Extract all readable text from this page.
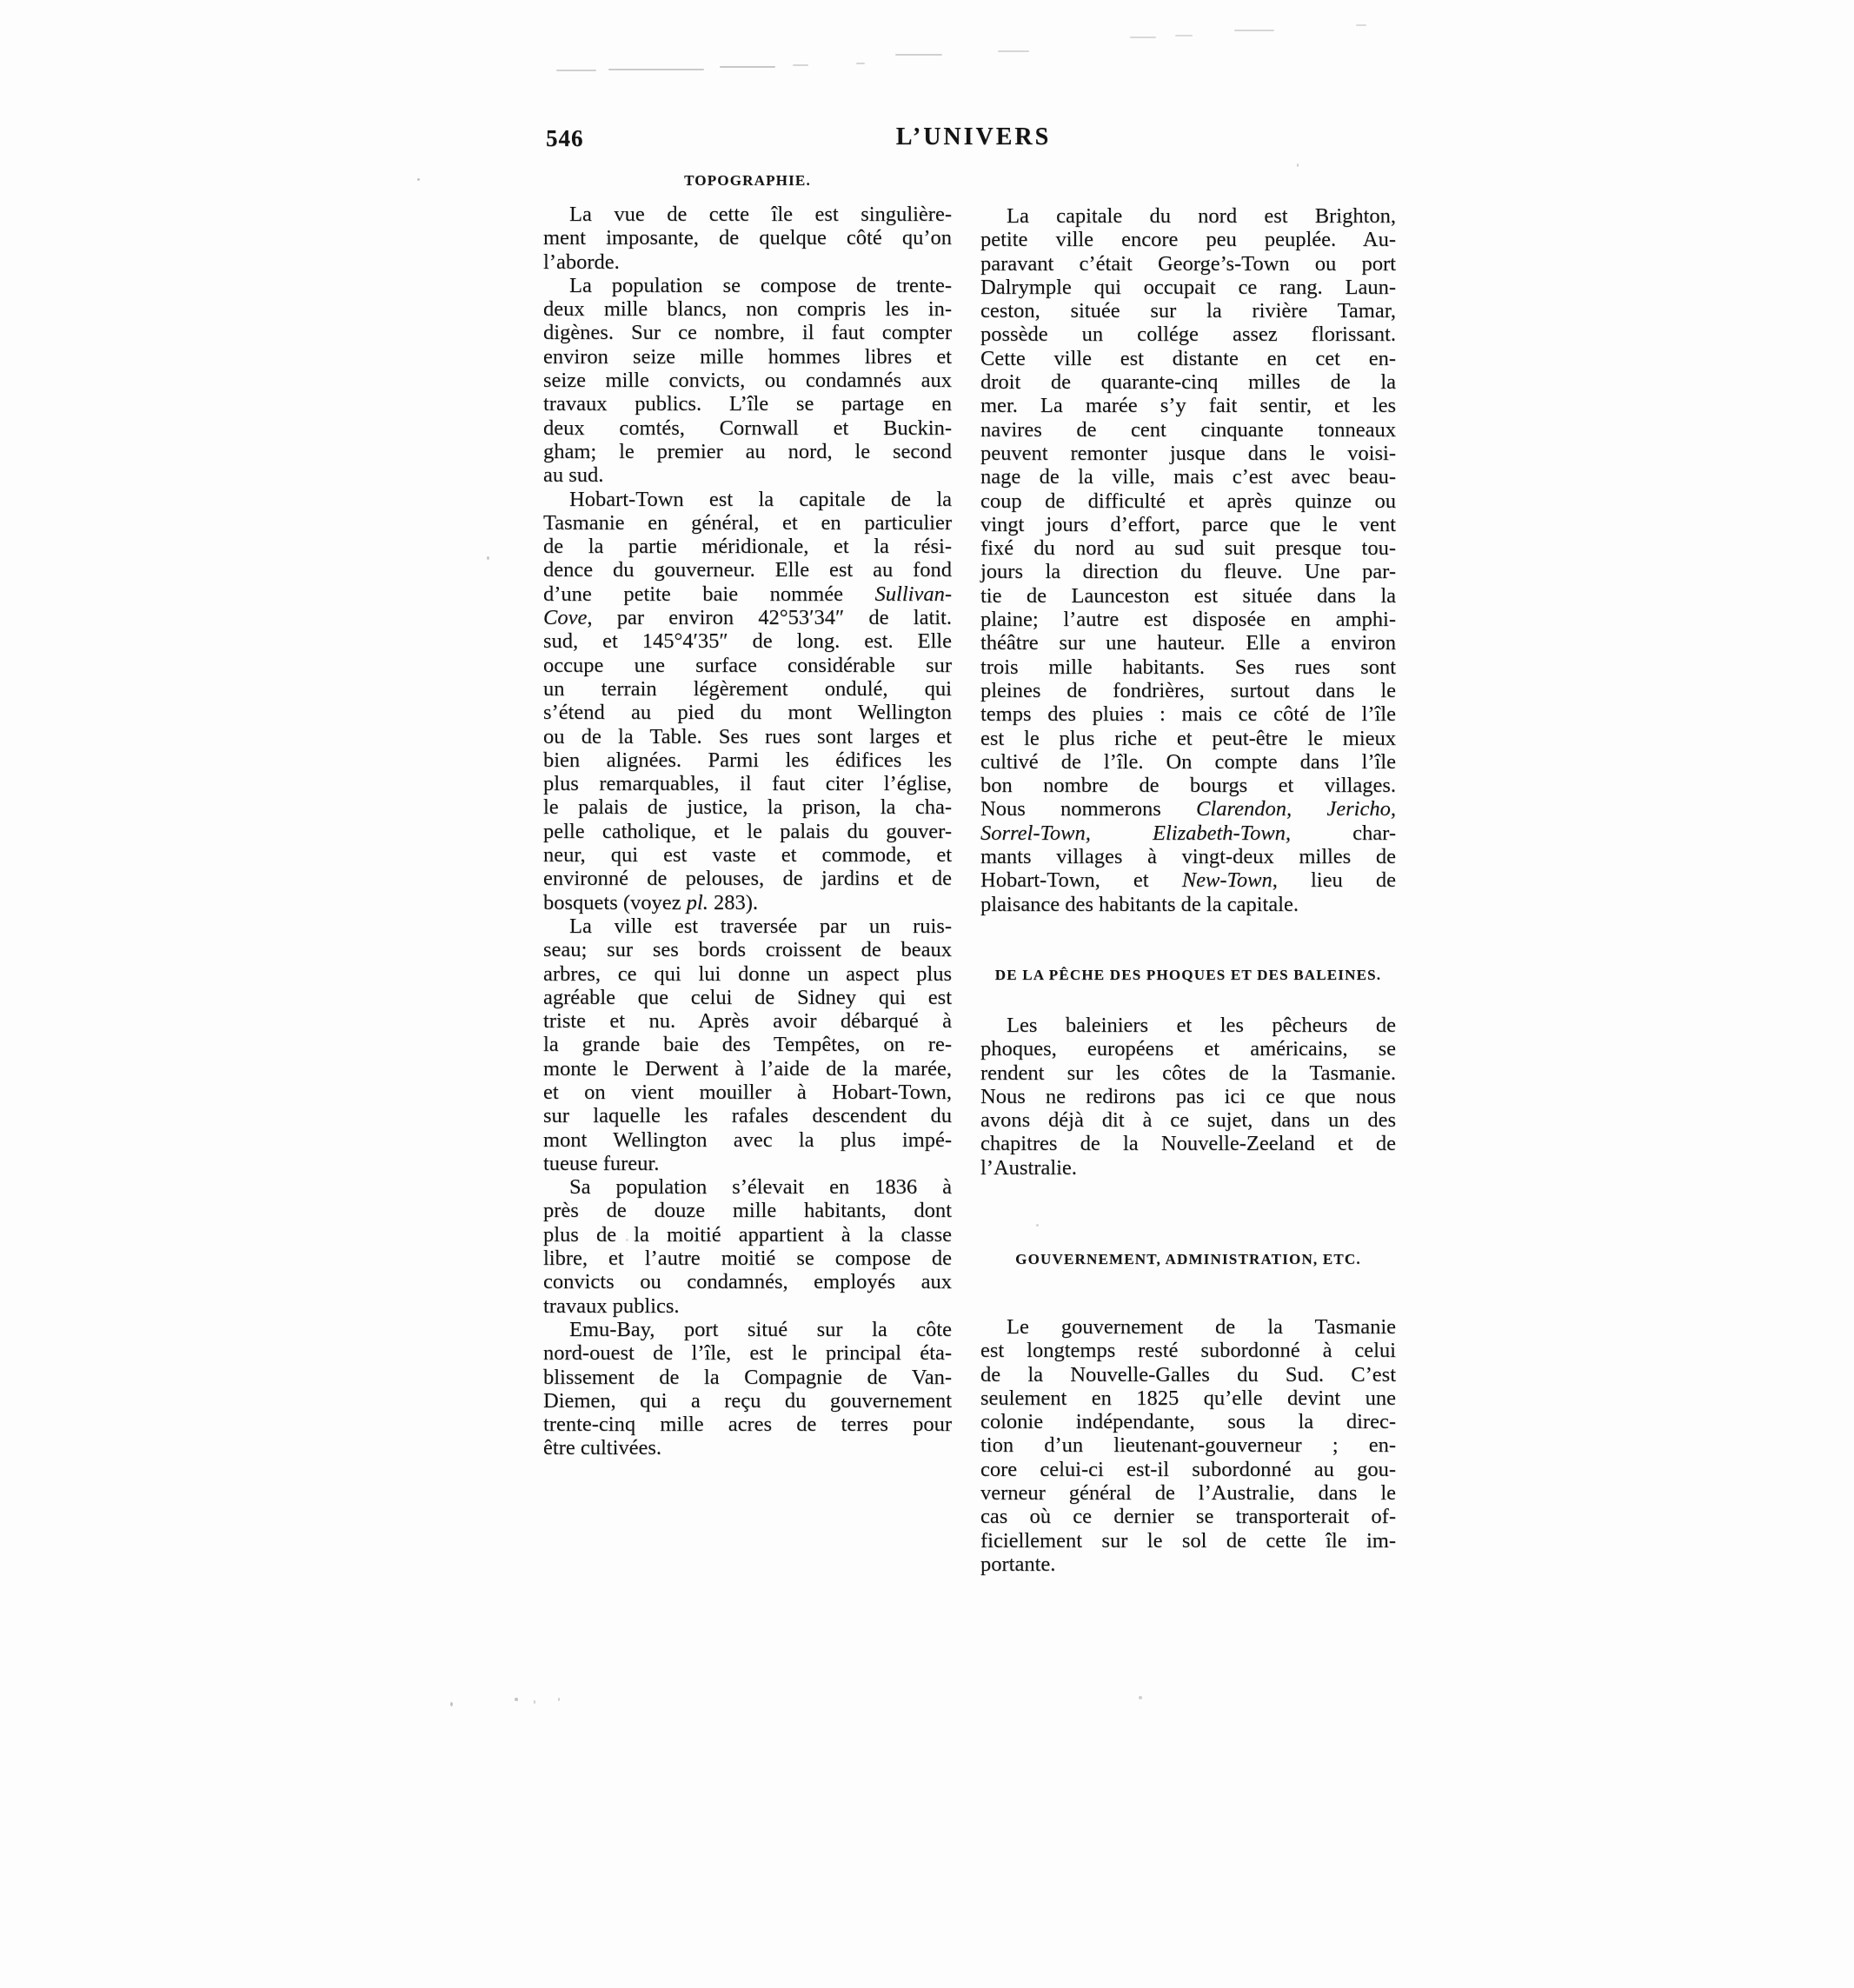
546	L’UNIVERS
TOPOGRAPHIE.
La vue de cette île est singulière-
ment imposante, de quelque côté qu’on
l’aborde.
La population se compose de trente-
deux mille blancs, non compris les in-
digènes. Sur ce nombre, il faut compter
environ seize mille hommes libres et
seize mille convicts, ou condamnés aux
travaux publics. L’île se partage en
deux comtés, Cornwall et Buckin-
gham; le premier au nord, le second
au sud.
Hobart-Town est la capitale de la
Tasmanie en général, et en particulier
de la partie méridionale, et la rési-
dence du gouverneur. Elle est au fond
d’une petite baie nommée Sullivan-
Cove, par environ 42°53′34″ de latit.
sud, et 145°4′35″ de long. est. Elle
occupe une surface considérable sur
un terrain légèrement ondulé, qui
s’étend au pied du mont Wellington
ou de la Table. Ses rues sont larges et
bien alignées. Parmi les édifices les
plus remarquables, il faut citer l’église,
le palais de justice, la prison, la cha-
pelle catholique, et le palais du gouver-
neur, qui est vaste et commode, et
environné de pelouses, de jardins et de
bosquets (voyez pl. 283).
La ville est traversée par un ruis-
seau; sur ses bords croissent de beaux
arbres, ce qui lui donne un aspect plus
agréable que celui de Sidney qui est
triste et nu. Après avoir débarqué à
la grande baie des Tempêtes, on re-
monte le Derwent à l’aide de la marée,
et on vient mouiller à Hobart-Town,
sur laquelle les rafales descendent du
mont Wellington avec la plus impé-
tueuse fureur.
Sa population s’élevait en 1836 à
près de douze mille habitants, dont
plus de la moitié appartient à la classe
libre, et l’autre moitié se compose de
convicts ou condamnés, employés aux
travaux publics.
Emu-Bay, port situé sur la côte
nord-ouest de l’île, est le principal éta-
blissement de la Compagnie de Van-
Diemen, qui a reçu du gouvernement
trente-cinq mille acres de terres pour
être cultivées.
La capitale du nord est Brighton,
petite ville encore peu peuplée. Au-
paravant c’était George’s-Town ou port
Dalrymple qui occupait ce rang. Laun-
ceston, située sur la rivière Tamar,
possède un collége assez florissant.
Cette ville est distante en cet en-
droit de quarante-cinq milles de la
mer. La marée s’y fait sentir, et les
navires de cent cinquante tonneaux
peuvent remonter jusque dans le voisi-
nage de la ville, mais c’est avec beau-
coup de difficulté et après quinze ou
vingt jours d’effort, parce que le vent
fixé du nord au sud suit presque tou-
jours la direction du fleuve. Une par-
tie de Launceston est située dans la
plaine; l’autre est disposée en amphi-
théâtre sur une hauteur. Elle a environ
trois mille habitants. Ses rues sont
pleines de fondrières, surtout dans le
temps des pluies : mais ce côté de l’île
est le plus riche et peut-être le mieux
cultivé de l’île. On compte dans l’île
bon nombre de bourgs et villages.
Nous nommerons Clarendon, Jericho,
Sorrel-Town, Elizabeth-Town, char-
mants villages à vingt-deux milles de
Hobart-Town, et New-Town, lieu de
plaisance des habitants de la capitale.
DE LA PÊCHE DES PHOQUES ET DES BALEINES.
Les baleiniers et les pêcheurs de
phoques, européens et américains, se
rendent sur les côtes de la Tasmanie.
Nous ne redirons pas ici ce que nous
avons déjà dit à ce sujet, dans un des
chapitres de la Nouvelle-Zeeland et de
l’Australie.
GOUVERNEMENT, ADMINISTRATION, ETC.
Le gouvernement de la Tasmanie
est longtemps resté subordonné à celui
de la Nouvelle-Galles du Sud. C’est
seulement en 1825 qu’elle devint une
colonie indépendante, sous la direc-
tion d’un lieutenant-gouverneur ; en-
core celui-ci est-il subordonné au gou-
verneur général de l’Australie, dans le
cas où ce dernier se transporterait of-
ficiellement sur le sol de cette île im-
portante.
